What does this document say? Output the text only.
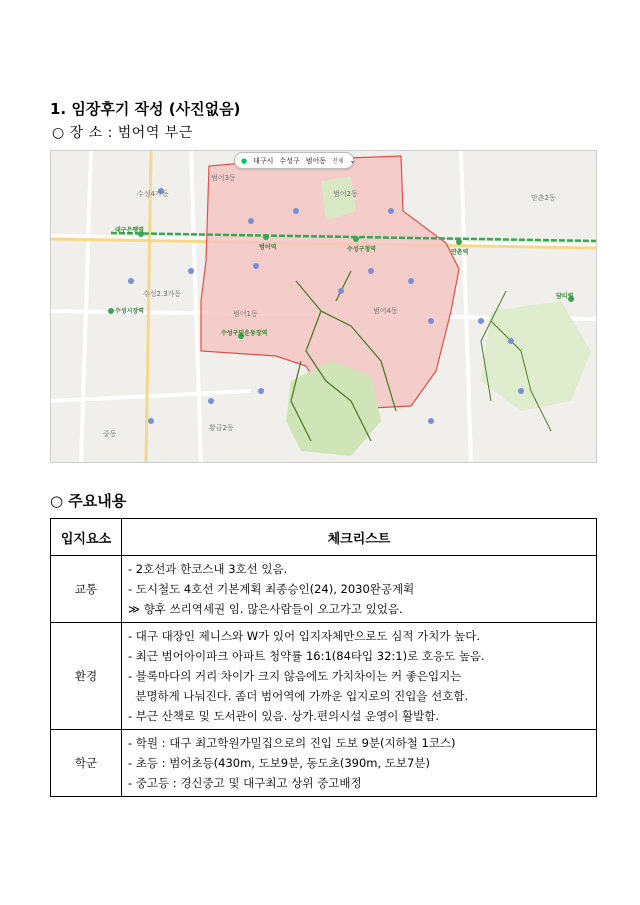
1. 임장후기 작성 (사진없음)
○ 장 소 : 범어역 부근
● 대구시 수성구 범어동 전체 ⌄
범어3동
범어2동
범어1동	범어4동
수성4가동
수성2.3가동
만촌2동
황금2동
중동
대구은행역
범어역	수성구청역	만촌역
수성시장역
수성구민운동장역
담티역
○ 주요내용
입지요소	체크리스트
교통	- 2호선과 한코스내 3호선 있음.
- 도시철도 4호선 기본계획 최종승인(24), 2030완공계획
≫ 향후 쓰리역세권 임. 많은사람들이 오고가고 있었음.

환경	- 대구 대장인 제니스와 W가 있어 입지자체만으로도 심적 가치가 높다.
- 최근 범어아이파크 아파트 청약률 16:1(84타입 32:1)로 호응도 높음.
- 블록마다의 거리 차이가 크지 않음에도 가치차이는 커 좋은입지는
분명하게 나눠진다. 좀더 범어역에 가까운 입지로의 진입을 선호함.
- 부근 산책로 및 도서관이 있음. 상가.편의시설 운영이 활발함.

학군	- 학원 : 대구 최고학원가밀집으로의 진입 도보 9분(지하철 1코스)
- 초등 : 범어초등(430m, 도보9분, 동도초(390m, 도보7분)
- 중고등 : 경신중고 및 대구최고 상위 중고배정
